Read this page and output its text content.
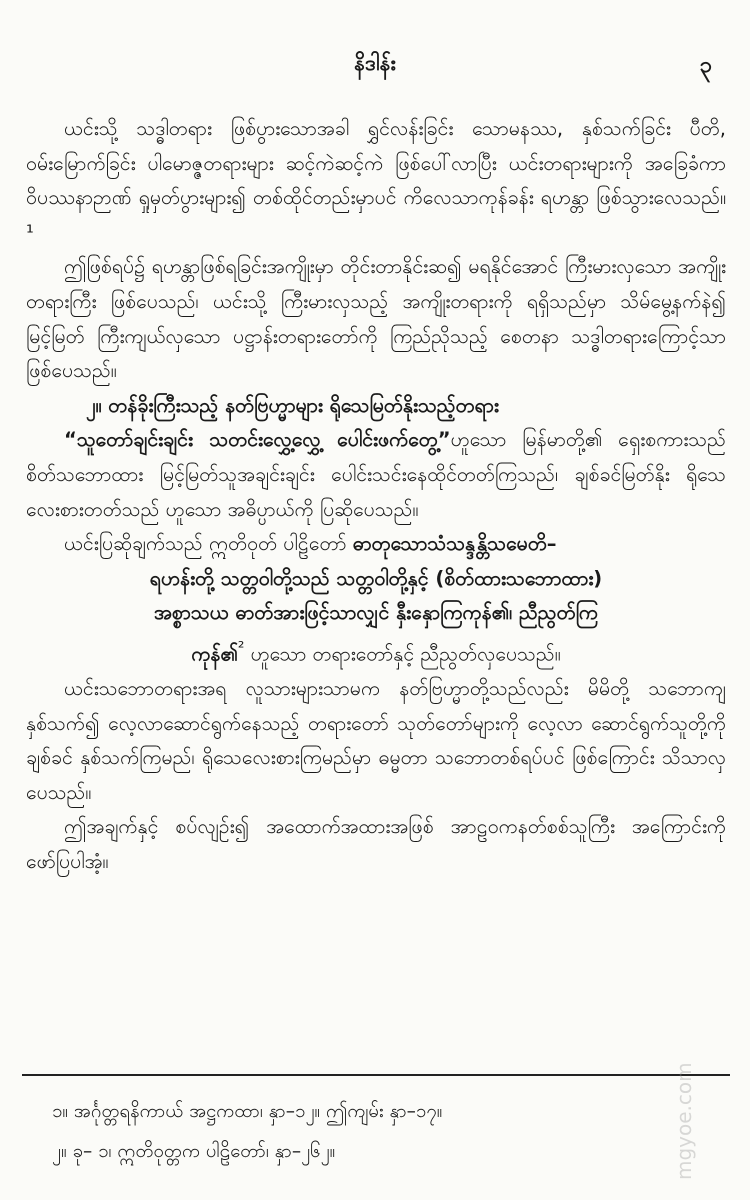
နိဒါန်း	၃

ယင်းသို့ သဒ္ဓါတရား ဖြစ်ပွားသောအခါ ရွှင်လန်းခြင်း သောမနဿ, နှစ်သက်ခြင်း ပီတိ, ဝမ်းမြောက်ခြင်း ပါမောဇ္ဇတရားများ ဆင့်ကဲဆင့်ကဲ ဖြစ်ပေါ်လာပြီး ယင်းတရားများကို အခြေခံကာ ဝိပဿနာဉာဏ် ရှုမှတ်ပွားများ၍ တစ်ထိုင်တည်းမှာပင် ကိလေသာကုန်ခန်း ရဟန္တာ ဖြစ်သွားလေသည်။¹

ဤဖြစ်ရပ်၌ ရဟန္တာဖြစ်ရခြင်းအကျိုးမှာ တိုင်းတာနိုင်းဆ၍ မရနိုင်အောင် ကြီးမားလှသော အကျိုးတရားကြီး ဖြစ်ပေသည်၊ ယင်းသို့ ကြီးမားလှသည့် အကျိုးတရားကို ရရှိသည်မှာ သိမ်မွေ့နက်နဲ၍ မြင့်မြတ် ကြီးကျယ်လှသော ပဋ္ဌာန်းတရားတော်ကို ကြည်ညိုသည့် စေတနာ သဒ္ဓါတရားကြောင့်သာ ဖြစ်ပေသည်။

၂။ တန်ခိုးကြီးသည့် နတ်ဗြဟ္မာများ ရိုသေမြတ်နိုးသည့်တရား

“သူတော်ချင်းချင်း သတင်းလွှေ့လွှေ့ ပေါင်းဖက်တွေ့”ဟူသော မြန်မာတို့၏ ရှေးစကားသည် စိတ်သဘောထား မြင့်မြတ်သူအချင်းချင်း ပေါင်းသင်းနေထိုင်တတ်ကြသည်၊ ချစ်ခင်မြတ်နိုး ရိုသေ လေးစားတတ်သည် ဟူသော အဓိပ္ပာယ်ကို ပြဆိုပေသည်။

ယင်းပြဆိုချက်သည် ဣတိဝုတ် ပါဠိတော် ဓာတုသောသံသန္ဒန္တိသမေတိ–

ရဟန်းတို့ သတ္တဝါတို့သည် သတ္တဝါတို့နှင့် (စိတ်ထားသဘောထား)

အစ္စာသယ ဓာတ်အားဖြင့်သာလျှင် နှီးနှောကြကုန်၏၊ ညီညွတ်ကြ

ကုန်၏$^{^2}$ ဟူသော တရားတော်နှင့် ညီညွတ်လှပေသည်။

ယင်းသဘောတရားအရ လူသားများသာမက နတ်ဗြဟ္မာတို့သည်လည်း မိမိတို့ သဘောကျနှစ်သက်၍ လေ့လာဆောင်ရွက်နေသည့် တရားတော် သုတ်တော်များကို လေ့လာ ဆောင်ရွက်သူတို့ကို ချစ်ခင် နှစ်သက်ကြမည်၊ ရိုသေလေးစားကြမည်မှာ ဓမ္မတာ သဘောတစ်ရပ်ပင် ဖြစ်ကြောင်း သိသာလှပေသည်။

ဤအချက်နှင့် စပ်လျဉ်း၍ အထောက်အထားအဖြစ် အာဠဝကနတ်စစ်သူကြီး အကြောင်းကို ဖော်ပြပါအံ့။

၁။ အင်္ဂုတ္တရနိကာယ် အဋ္ဌကထာ၊ နှာ–၁၂။ ဤကျမ်း နှာ–၁၇။

၂။ ခု– ၁၊ ဣတိဝုတ္တက ပါဠိတော်၊ နှာ–၂၆၂။	mgyoe.com
